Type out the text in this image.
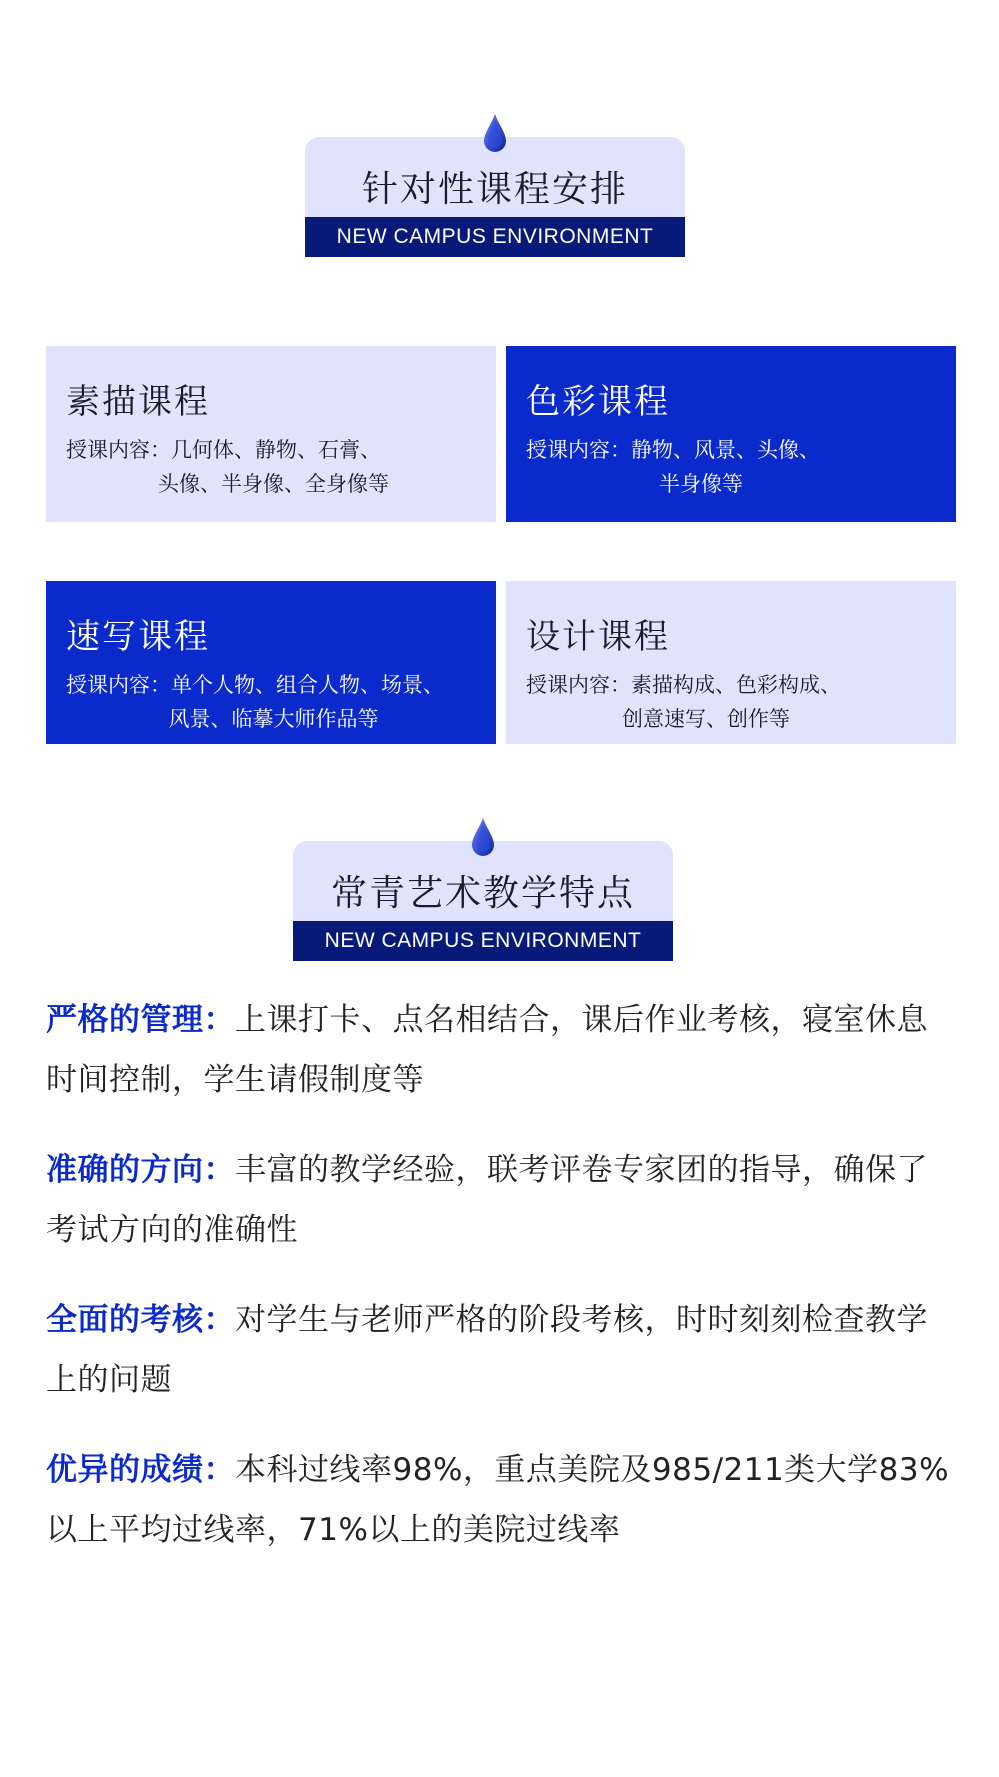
针对性课程安排
NEW CAMPUS ENVIRONMENT
素描课程
授课内容：几何体、静物、石膏、
头像、半身像、全身像等
色彩课程
授课内容：静物、风景、头像、
半身像等
速写课程
授课内容：单个人物、组合人物、场景、
风景、临摹大师作品等
设计课程
授课内容：素描构成、色彩构成、
创意速写、创作等
常青艺术教学特点
NEW CAMPUS ENVIRONMENT

严格的管理：上课打卡、点名相结合，课后作业考核，寝室休息时间控制，学生请假制度等

准确的方向：丰富的教学经验，联考评卷专家团的指导，确保了考试方向的准确性

全面的考核：对学生与老师严格的阶段考核，时时刻刻检查教学上的问题

优异的成绩：本科过线率98%，重点美院及985/211类大学83%以上平均过线率，71%以上的美院过线率
